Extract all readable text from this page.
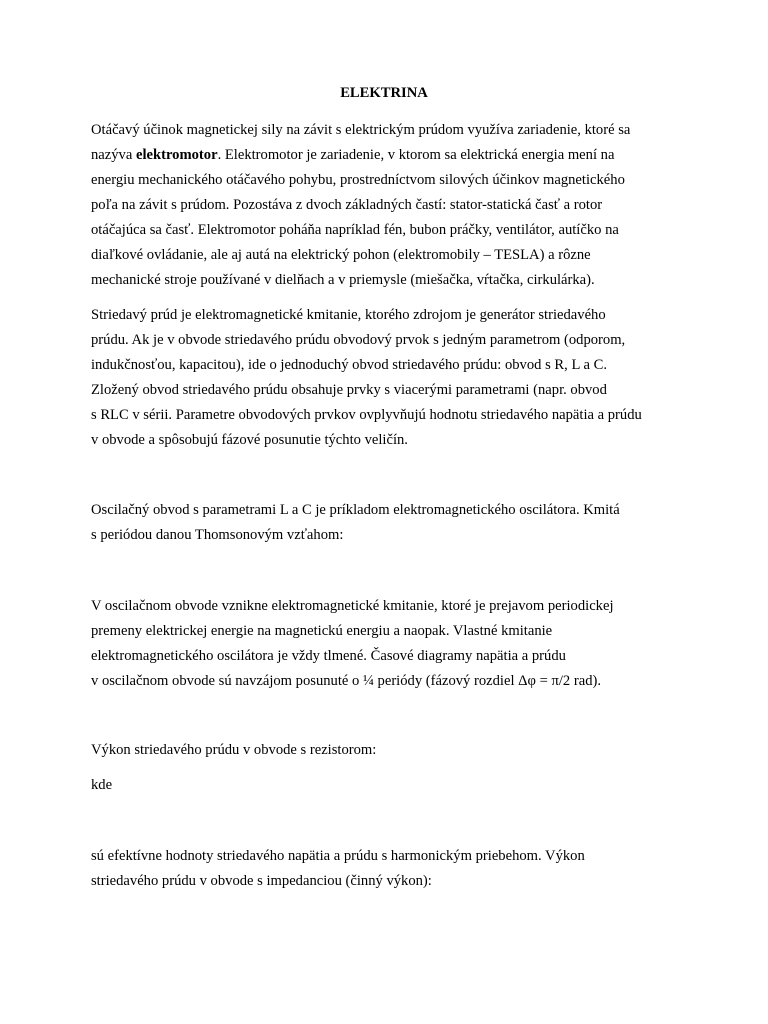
ELEKTRINA
Otáčavý účinok magnetickej sily na závit s elektrickým prúdom využíva zariadenie, ktoré sa
nazýva elektromotor. Elektromotor je zariadenie, v ktorom sa elektrická energia mení na
energiu mechanického otáčavého pohybu, prostredníctvom silových účinkov magnetického
poľa na závit s prúdom. Pozostáva z dvoch základných častí: stator-statická časť a rotor
otáčajúca sa časť. Elektromotor poháňa napríklad fén, bubon práčky, ventilátor, autíčko na
diaľkové ovládanie, ale aj autá na elektrický pohon (elektromobily – TESLA) a rôzne
mechanické stroje používané v dielňach a v priemysle (miešačka, vŕtačka, cirkulárka).
Striedavý prúd je elektromagnetické kmitanie, ktorého zdrojom je generátor striedavého
prúdu. Ak je v obvode striedavého prúdu obvodový prvok s jedným parametrom (odporom,
indukčnosťou, kapacitou), ide o jednoduchý obvod striedavého prúdu: obvod s R, L a C.
Zložený obvod striedavého prúdu obsahuje prvky s viacerými parametrami (napr. obvod
s RLC v sérii. Parametre obvodových prvkov ovplyvňujú hodnotu striedavého napätia a prúdu
v obvode a spôsobujú fázové posunutie týchto veličín.
Oscilačný obvod s parametrami L a C je príkladom elektromagnetického oscilátora. Kmitá
s periódou danou Thomsonovým vzťahom:
V oscilačnom obvode vznikne elektromagnetické kmitanie, ktoré je prejavom periodickej
premeny elektrickej energie na magnetickú energiu a naopak. Vlastné kmitanie
elektromagnetického oscilátora je vždy tlmené. Časové diagramy napätia a prúdu
v oscilačnom obvode sú navzájom posunuté o ¼ periódy (fázový rozdiel Δφ = π/2 rad).
Výkon striedavého prúdu v obvode s rezistorom:
kde
sú efektívne hodnoty striedavého napätia a prúdu s harmonickým priebehom. Výkon
striedavého prúdu v obvode s impedanciou (činný výkon):
